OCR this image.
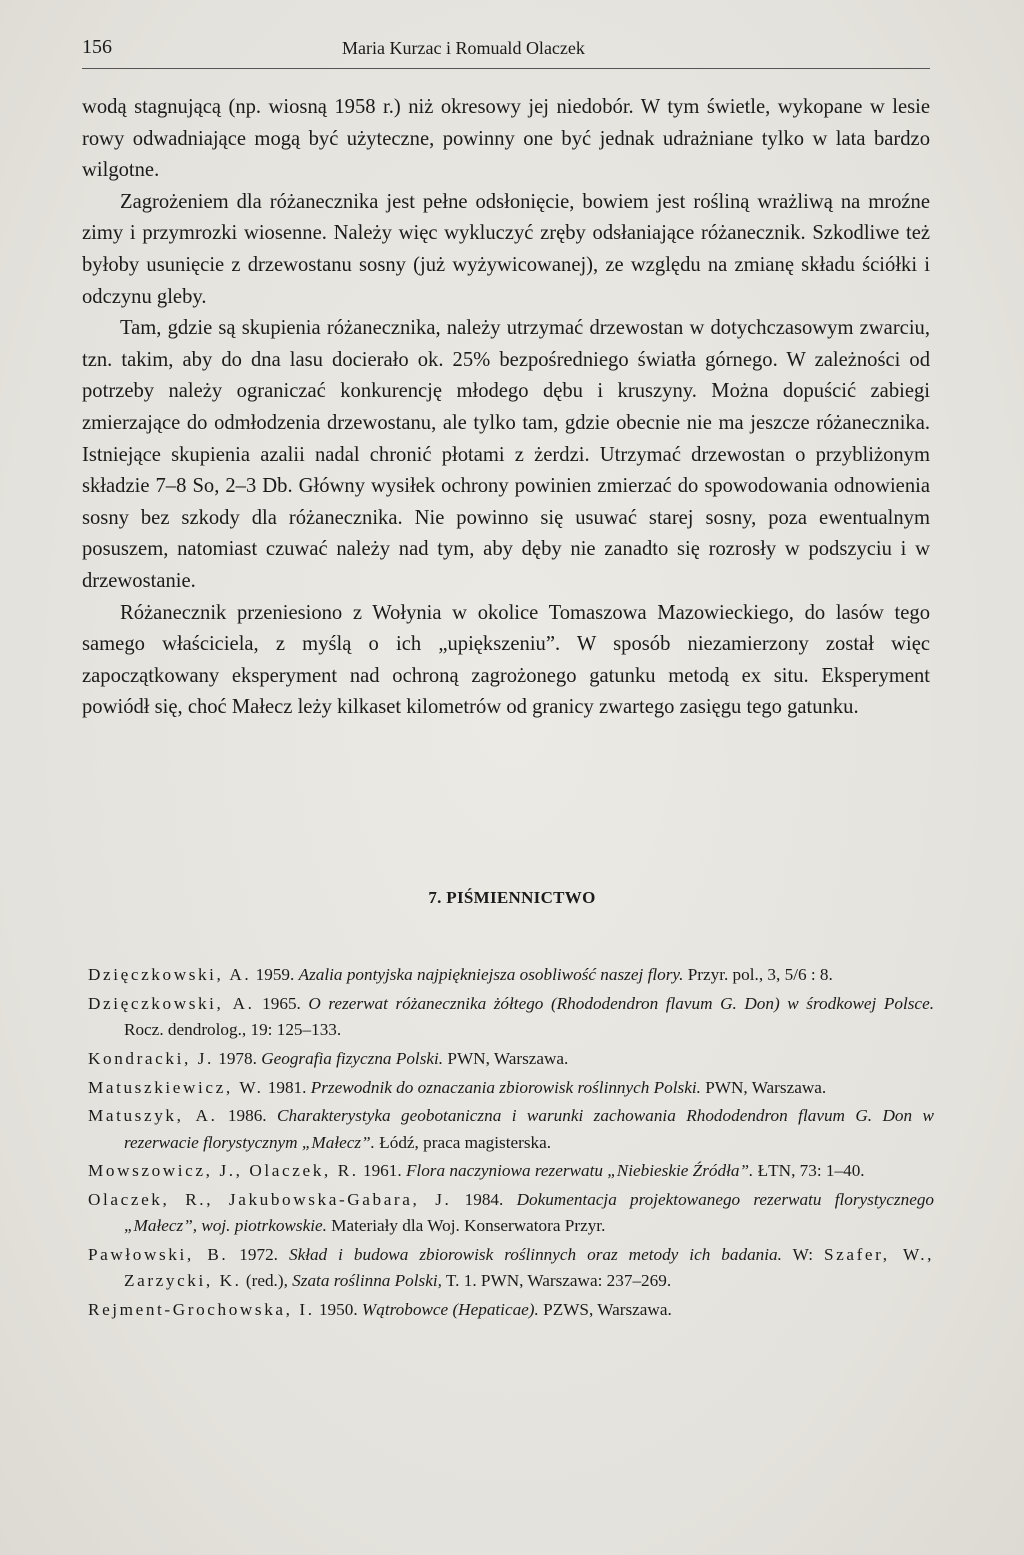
156	Maria Kurzac i Romuald Olaczek

wodą stagnującą (np. wiosną 1958 r.) niż okresowy jej niedobór. W tym świetle, wykopane w lesie rowy odwadniające mogą być użyteczne, powinny one być jednak udrażniane tylko w lata bardzo wilgotne.

Zagrożeniem dla różanecznika jest pełne odsłonięcie, bowiem jest rośliną wrażliwą na mroźne zimy i przymrozki wiosenne. Należy więc wykluczyć zręby odsłaniające różanecznik. Szkodliwe też byłoby usunięcie z drzewostanu sosny (już wyżywicowanej), ze względu na zmianę składu ściółki i odczynu gleby.

Tam, gdzie są skupienia różanecznika, należy utrzymać drzewostan w dotychczasowym zwarciu, tzn. takim, aby do dna lasu docierało ok. 25% bezpośredniego światła górnego. W zależności od potrzeby należy ograniczać konkurencję młodego dębu i kruszyny. Można dopuścić zabiegi zmierzające do odmłodzenia drzewostanu, ale tylko tam, gdzie obecnie nie ma jeszcze różanecznika. Istniejące skupienia azalii nadal chronić płotami z żerdzi. Utrzymać drzewostan o przybliżonym składzie 7–8 So, 2–3 Db. Główny wysiłek ochrony powinien zmierzać do spowodowania odnowienia sosny bez szkody dla różanecznika. Nie powinno się usuwać starej sosny, poza ewentualnym posuszem, natomiast czuwać należy nad tym, aby dęby nie zanadto się rozrosły w podszyciu i w drzewostanie.

Różanecznik przeniesiono z Wołynia w okolice Tomaszowa Mazowieckiego, do lasów tego samego właściciela, z myślą o ich „upiększeniu”. W sposób niezamierzony został więc zapoczątkowany eksperyment nad ochroną zagrożonego gatunku metodą ex situ. Eksperyment powiódł się, choć Małecz leży kilkaset kilometrów od granicy zwartego zasięgu tego gatunku.

7. PIŚMIENNICTWO
Dzięczkowski, A. 1959. Azalia pontyjska najpiękniejsza osobliwość naszej flory. Przyr. pol., 3, 5/6 : 8.
Dzięczkowski, A. 1965. O rezerwat różanecznika żółtego (Rhododendron flavum G. Don) w środkowej Polsce. Rocz. dendrolog., 19: 125–133.
Kondracki, J. 1978. Geografia fizyczna Polski. PWN, Warszawa.
Matuszkiewicz, W. 1981. Przewodnik do oznaczania zbiorowisk roślinnych Polski. PWN, Warszawa.
Matuszyk, A. 1986. Charakterystyka geobotaniczna i warunki zachowania Rhododendron flavum G. Don w rezerwacie florystycznym „Małecz”. Łódź, praca magisterska.
Mowszowicz, J., Olaczek, R. 1961. Flora naczyniowa rezerwatu „Niebieskie Źródła”. ŁTN, 73: 1–40.
Olaczek, R., Jakubowska-Gabara, J. 1984. Dokumentacja projektowanego rezerwatu florystycznego „Małecz”, woj. piotrkowskie. Materiały dla Woj. Konserwatora Przyr.
Pawłowski, B. 1972. Skład i budowa zbiorowisk roślinnych oraz metody ich badania. W: Szafer, W., Zarzycki, K. (red.), Szata roślinna Polski, T. 1. PWN, Warszawa: 237–269.
Rejment-Grochowska, I. 1950. Wątrobowce (Hepaticae). PZWS, Warszawa.
